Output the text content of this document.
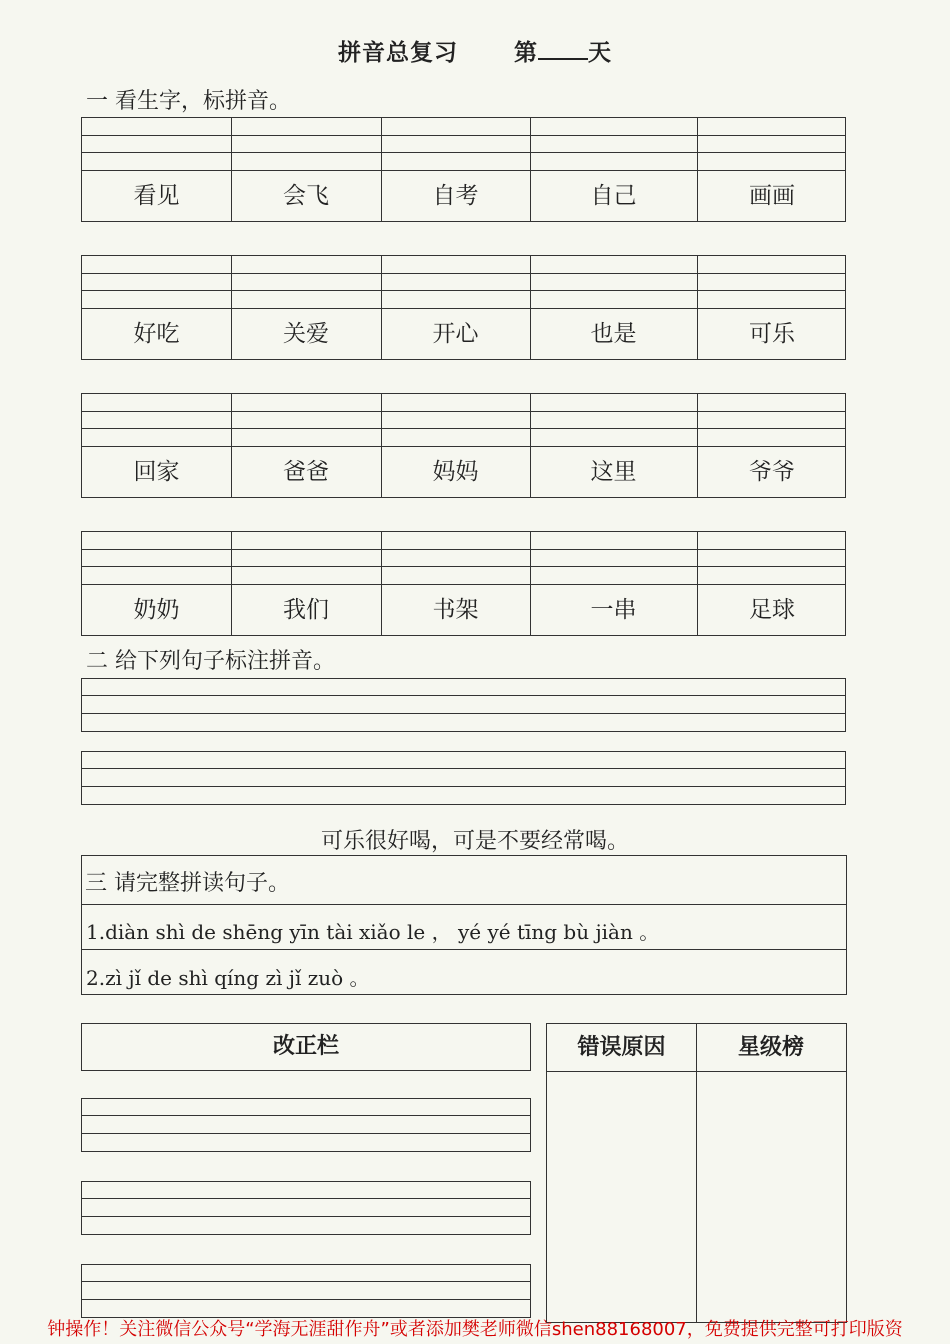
拼音总复习 第 天
一 看生字，标拼音。
看见	会飞	自考	自己	画画
好吃	关爱	开心	也是	可乐
回家	爸爸	妈妈	这里	爷爷
奶奶	我们	书架	一串	足球
二 给下列句子标注拼音。
可乐很好喝，可是不要经常喝。
三 请完整拼读句子。
1.diàn shì de shēng yīn tài xiǎo le ， yé yé tīng bù jiàn 。
2.zì jǐ de shì qíng zì jǐ zuò 。
改正栏	错误原因	星级榜
钟操作！关注微信公众号“学海无涯甜作舟”或者添加樊老师微信shen88168007，免费提供完整可打印版资
